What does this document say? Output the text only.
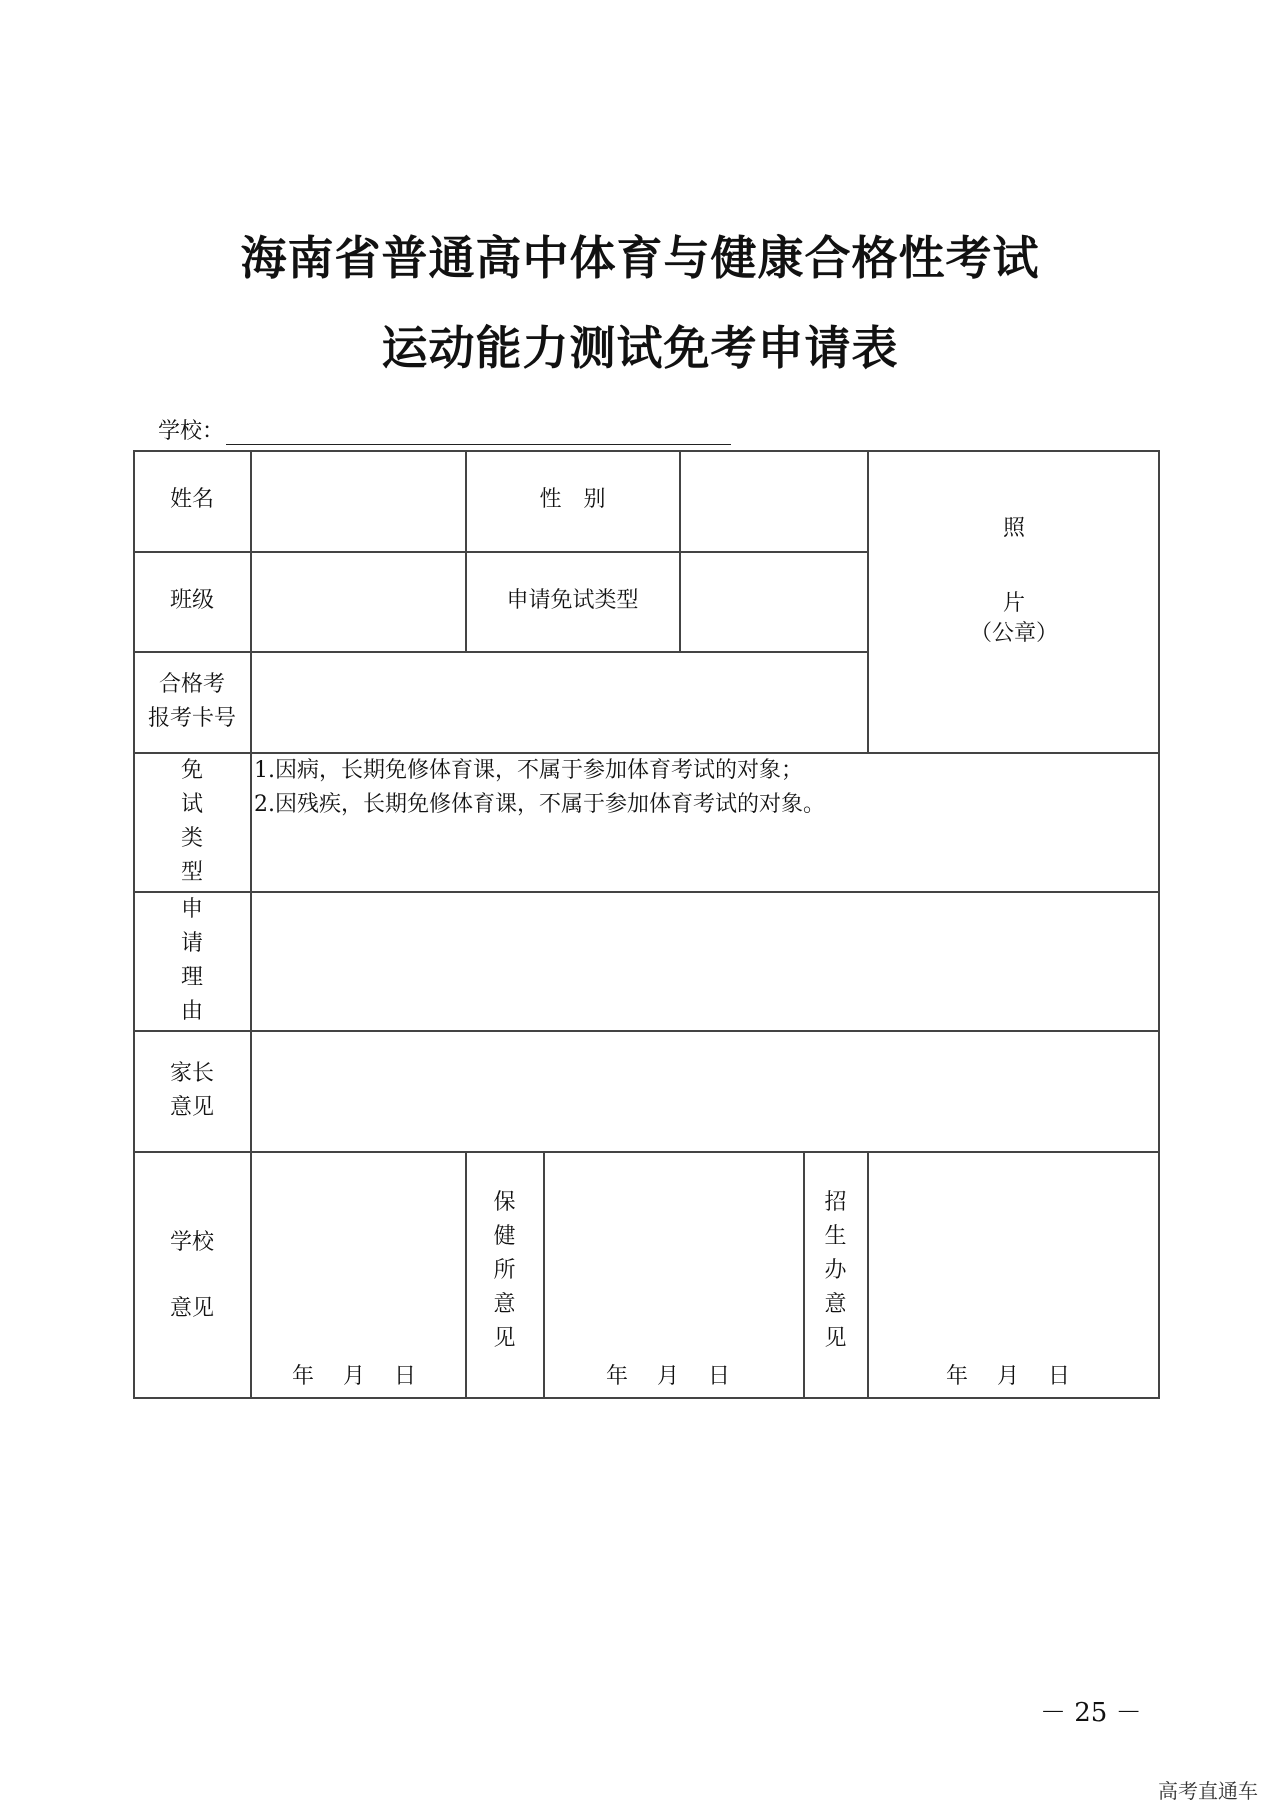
海南省普通高中体育与健康合格性考试
运动能力测试免考申请表
学校：
姓名	性　别
照
片
（公章）
班级	申请免试类型
合格考
报考卡号
免
试
类
型
1.因病，长期免修体育课，不属于参加体育考试的对象；
2.因残疾，长期免修体育课，不属于参加体育考试的对象。
申
请
理
由
家长
意见
学校
意见
年　 月　 日
保
健
所
意
见
年　 月　 日
招
生
办
意
见
年　 月　 日
－ 25 －
高考直通车
